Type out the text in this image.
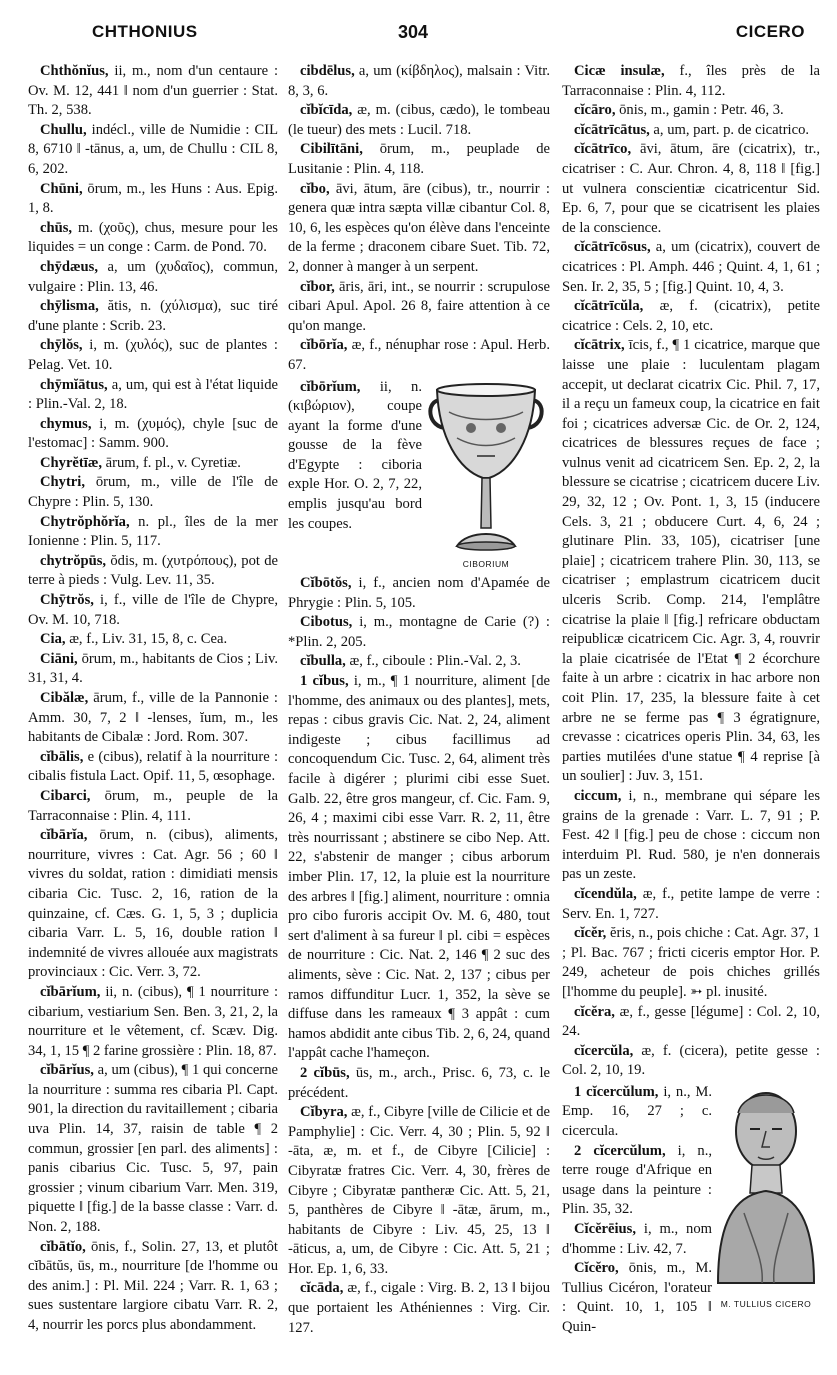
CHTHONIUS	304	CICERO

Chthŏnĭus, ii, m., nom d'un centaure : Ov. M. 12, 441 ‖ nom d'un guerrier : Stat. Th. 2, 538.

Chullu, indécl., ville de Numidie : CIL 8, 6710 ‖ -tānus, a, um, de Chullu : CIL 8, 6, 202.

Chūni, ōrum, m., les Huns : Aus. Epig. 1, 8.

chūs, m. (χοῦς), chus, mesure pour les liquides = un conge : Carm. de Pond. 70.

chȳdæus, a, um (χυδαῖος), commun, vulgaire : Plin. 13, 46.

chȳlisma, ătis, n. (χύλισμα), suc tiré d'une plante : Scrib. 23.

chȳlŏs, i, m. (χυλός), suc de plantes : Pelag. Vet. 10.

chȳmĭātus, a, um, qui est à l'état liquide : Plin.-Val. 2, 18.

chymus, i, m. (χυμός), chyle [suc de l'estomac] : Samm. 900.

Chyrĕtīæ, ārum, f. pl., v. Cyretiæ.

Chytri, ōrum, m., ville de l'île de Chypre : Plin. 5, 130.

Chytrŏphŏrĭa, n. pl., îles de la mer Ionienne : Plin. 5, 117.

chytrŏpūs, ŏdis, m. (χυτρόπους), pot de terre à pieds : Vulg. Lev. 11, 35.

Chȳtrŏs, i, f., ville de l'île de Chypre, Ov. M. 10, 718.

Cia, æ, f., Liv. 31, 15, 8, c. Cea.

Ciāni, ōrum, m., habitants de Cios ; Liv. 31, 31, 4.

Cibălæ, ārum, f., ville de la Pannonie : Amm. 30, 7, 2 ‖ -lenses, ĭum, m., les habitants de Cibalæ : Jord. Rom. 307.

cĭbālis, e (cibus), relatif à la nourriture : cibalis fistula Lact. Opif. 11, 5, œsophage.

Cibarci, ōrum, m., peuple de la Tarraconnaise : Plin. 4, 111.

cĭbārĭa, ōrum, n. (cibus), aliments, nourriture, vivres : Cat. Agr. 56 ; 60 ‖ vivres du soldat, ration : dimidiati mensis cibaria Cic. Tusc. 2, 16, ration de la quinzaine, cf. Cæs. G. 1, 5, 3 ; duplicia cibaria Varr. L. 5, 16, double ration ‖ indemnité de vivres allouée aux magistrats provinciaux : Cic. Verr. 3, 72.

cĭbārĭum, ii, n. (cibus), ¶ 1 nourriture : cibarium, vestiarium Sen. Ben. 3, 21, 2, la nourriture et le vêtement, cf. Scæv. Dig. 34, 1, 15 ¶ 2 farine grossière : Plin. 18, 87.

cĭbārĭus, a, um (cibus), ¶ 1 qui concerne la nourriture : summa res cibaria Pl. Capt. 901, la direction du ravitaillement ; cibaria uva Plin. 14, 37, raisin de table ¶ 2 commun, grossier [en parl. des aliments] : panis cibarius Cic. Tusc. 5, 97, pain grossier ; vinum cibarium Varr. Men. 319, piquette ‖ [fig.] de la basse classe : Varr. d. Non. 2, 188.

cĭbātĭo, ōnis, f., Solin. 27, 13, et plutôt cĭbātŭs, ūs, m., nourriture [de l'homme ou des anim.] : Pl. Mil. 224 ; Varr. R. 1, 63 ; sues sustentare largiore cibatu Varr. R. 2, 4, nourrir les porcs plus abondamment.

cibdēlus, a, um (κίβδηλος), malsain : Vitr. 8, 3, 6.

cĭbĭcīda, æ, m. (cibus, cædo), le tombeau (le tueur) des mets : Lucil. 718.

Cibilītāni, ōrum, m., peuplade de Lusitanie : Plin. 4, 118.

cĭbo, āvi, ātum, āre (cibus), tr., nourrir : genera quæ intra sæpta villæ cibantur Col. 8, 10, 6, les espèces qu'on élève dans l'enceinte de la ferme ; draconem cibare Suet. Tib. 72, 2, donner à manger à un serpent.

cĭbor, āris, āri, int., se nourrir : scrupulose cibari Apul. Apol. 26 8, faire attention à ce qu'on mange.

cĭbōrĭa, æ, f., nénuphar rose : Apul. Herb. 67.

cĭbōrĭum, ii, n. (κιβώριον), coupe ayant la forme d'une gousse de la fève d'Egypte : ciboria exple Hor. O. 2, 7, 22, emplis jusqu'au bord les coupes.

CIBORIUM

Cĭbōtŏs, i, f., ancien nom d'Apamée de Phrygie : Plin. 5, 105.

Cibotus, i, m., montagne de Carie (?) : *Plin. 2, 205.

cĭbulla, æ, f., ciboule : Plin.-Val. 2, 3.

1 cĭbus, i, m., ¶ 1 nourriture, aliment [de l'homme, des animaux ou des plantes], mets, repas : cibus gravis Cic. Nat. 2, 24, aliment indigeste ; cibus facillimus ad concoquendum Cic. Tusc. 2, 64, aliment très facile à digérer ; plurimi cibi esse Suet. Galb. 22, être gros mangeur, cf. Cic. Fam. 9, 26, 4 ; maximi cibi esse Varr. R. 2, 11, être très nourrissant ; abstinere se cibo Nep. Att. 22, s'abstenir de manger ; cibus arborum imber Plin. 17, 12, la pluie est la nourriture des arbres ‖ [fig.] aliment, nourriture : omnia pro cibo furoris accipit Ov. M. 6, 480, tout sert d'aliment à sa fureur ‖ pl. cibi = espèces de nourriture : Cic. Nat. 2, 146 ¶ 2 suc des aliments, sève : Cic. Nat. 2, 137 ; cibus per ramos diffunditur Lucr. 1, 352, la sève se diffuse dans les rameaux ¶ 3 appât : cum hamos abdidit ante cibus Tib. 2, 6, 24, quand l'appât cache l'hameçon.

2 cĭbūs, ūs, m., arch., Prisc. 6, 73, c. le précédent.

Cĭbyra, æ, f., Cibyre [ville de Cilicie et de Pamphylie] : Cic. Verr. 4, 30 ; Plin. 5, 92 ‖ -āta, æ, m. et f., de Cibyre [Cilicie] : Cibyratæ fratres Cic. Verr. 4, 30, frères de Cibyre ; Cibyratæ pantheræ Cic. Att. 5, 21, 5, panthères de Cibyre ‖ -ātæ, ārum, m., habitants de Cibyre : Liv. 45, 25, 13 ‖ -āticus, a, um, de Cibyre : Cic. Att. 5, 21 ; Hor. Ep. 1, 6, 33.

cĭcāda, æ, f., cigale : Virg. B. 2, 13 ‖ bijou que portaient les Athéniennes : Virg. Cir. 127.

Cicæ insulæ, f., îles près de la Tarraconnaise : Plin. 4, 112.

cĭcāro, ōnis, m., gamin : Petr. 46, 3.

cĭcātrīcātus, a, um, part. p. de cicatrico.

cĭcātrīco, āvi, ātum, āre (cicatrix), tr., cicatriser : C. Aur. Chron. 4, 8, 118 ‖ [fig.] ut vulnera conscientiæ cicatricentur Sid. Ep. 6, 7, pour que se cicatrisent les plaies de la conscience.

cĭcātrīcōsus, a, um (cicatrix), couvert de cicatrices : Pl. Amph. 446 ; Quint. 4, 1, 61 ; Sen. Ir. 2, 35, 5 ; [fig.] Quint. 10, 4, 3.

cĭcātrīcŭla, æ, f. (cicatrix), petite cicatrice : Cels. 2, 10, etc.

cĭcātrix, īcis, f., ¶ 1 cicatrice, marque que laisse une plaie : luculentam plagam accepit, ut declarat cicatrix Cic. Phil. 7, 17, il a reçu un fameux coup, la cicatrice en fait foi ; cicatrices adversæ Cic. de Or. 2, 124, cicatrices de blessures reçues de face ; vulnus venit ad cicatricem Sen. Ep. 2, 2, la blessure se cicatrise ; cicatricem ducere Liv. 29, 32, 12 ; Ov. Pont. 1, 3, 15 (inducere Cels. 3, 21 ; obducere Curt. 4, 6, 24 ; glutinare Plin. 33, 105), cicatriser [une plaie] ; cicatricem trahere Plin. 30, 113, se cicatriser ; emplastrum cicatricem ducit ulceris Scrib. Comp. 214, l'emplâtre cicatrise la plaie ‖ [fig.] refricare obductam reipublicæ cicatricem Cic. Agr. 3, 4, rouvrir la plaie cicatrisée de l'Etat ¶ 2 écorchure faite à un arbre : cicatrix in hac arbore non coit Plin. 17, 235, la blessure faite à cet arbre ne se ferme pas ¶ 3 égratignure, crevasse : cicatrices operis Plin. 34, 63, les parties mutilées d'une statue ¶ 4 reprise [à un soulier] : Juv. 3, 151.

ciccum, i, n., membrane qui sépare les grains de la grenade : Varr. L. 7, 91 ; P. Fest. 42 ‖ [fig.] peu de chose : ciccum non interduim Pl. Rud. 580, je n'en donnerais pas un zeste.

cĭcendŭla, æ, f., petite lampe de verre : Serv. En. 1, 727.

cĭcĕr, ĕris, n., pois chiche : Cat. Agr. 37, 1 ; Pl. Bac. 767 ; fricti ciceris emptor Hor. P. 249, acheteur de pois chiches grillés [l'homme du peuple]. ➳ pl. inusité.

cĭcĕra, æ, f., gesse [légume] : Col. 2, 10, 24.

cĭcercŭla, æ, f. (cicera), petite gesse : Col. 2, 10, 19.

1 cĭcercŭlum, i, n., M. Emp. 16, 27 ; c. cicercula.

2 cĭcercŭlum, i, n., terre rouge d'Afrique en usage dans la peinture : Plin. 35, 32.

Cĭcĕrēius, i, m., nom d'homme : Liv. 42, 7.

Cĭcĕro, ōnis, m., M. Tullius Cicéron, l'orateur : Quint. 10, 1, 105 ‖ Quin-

M. TULLIUS CICERO
